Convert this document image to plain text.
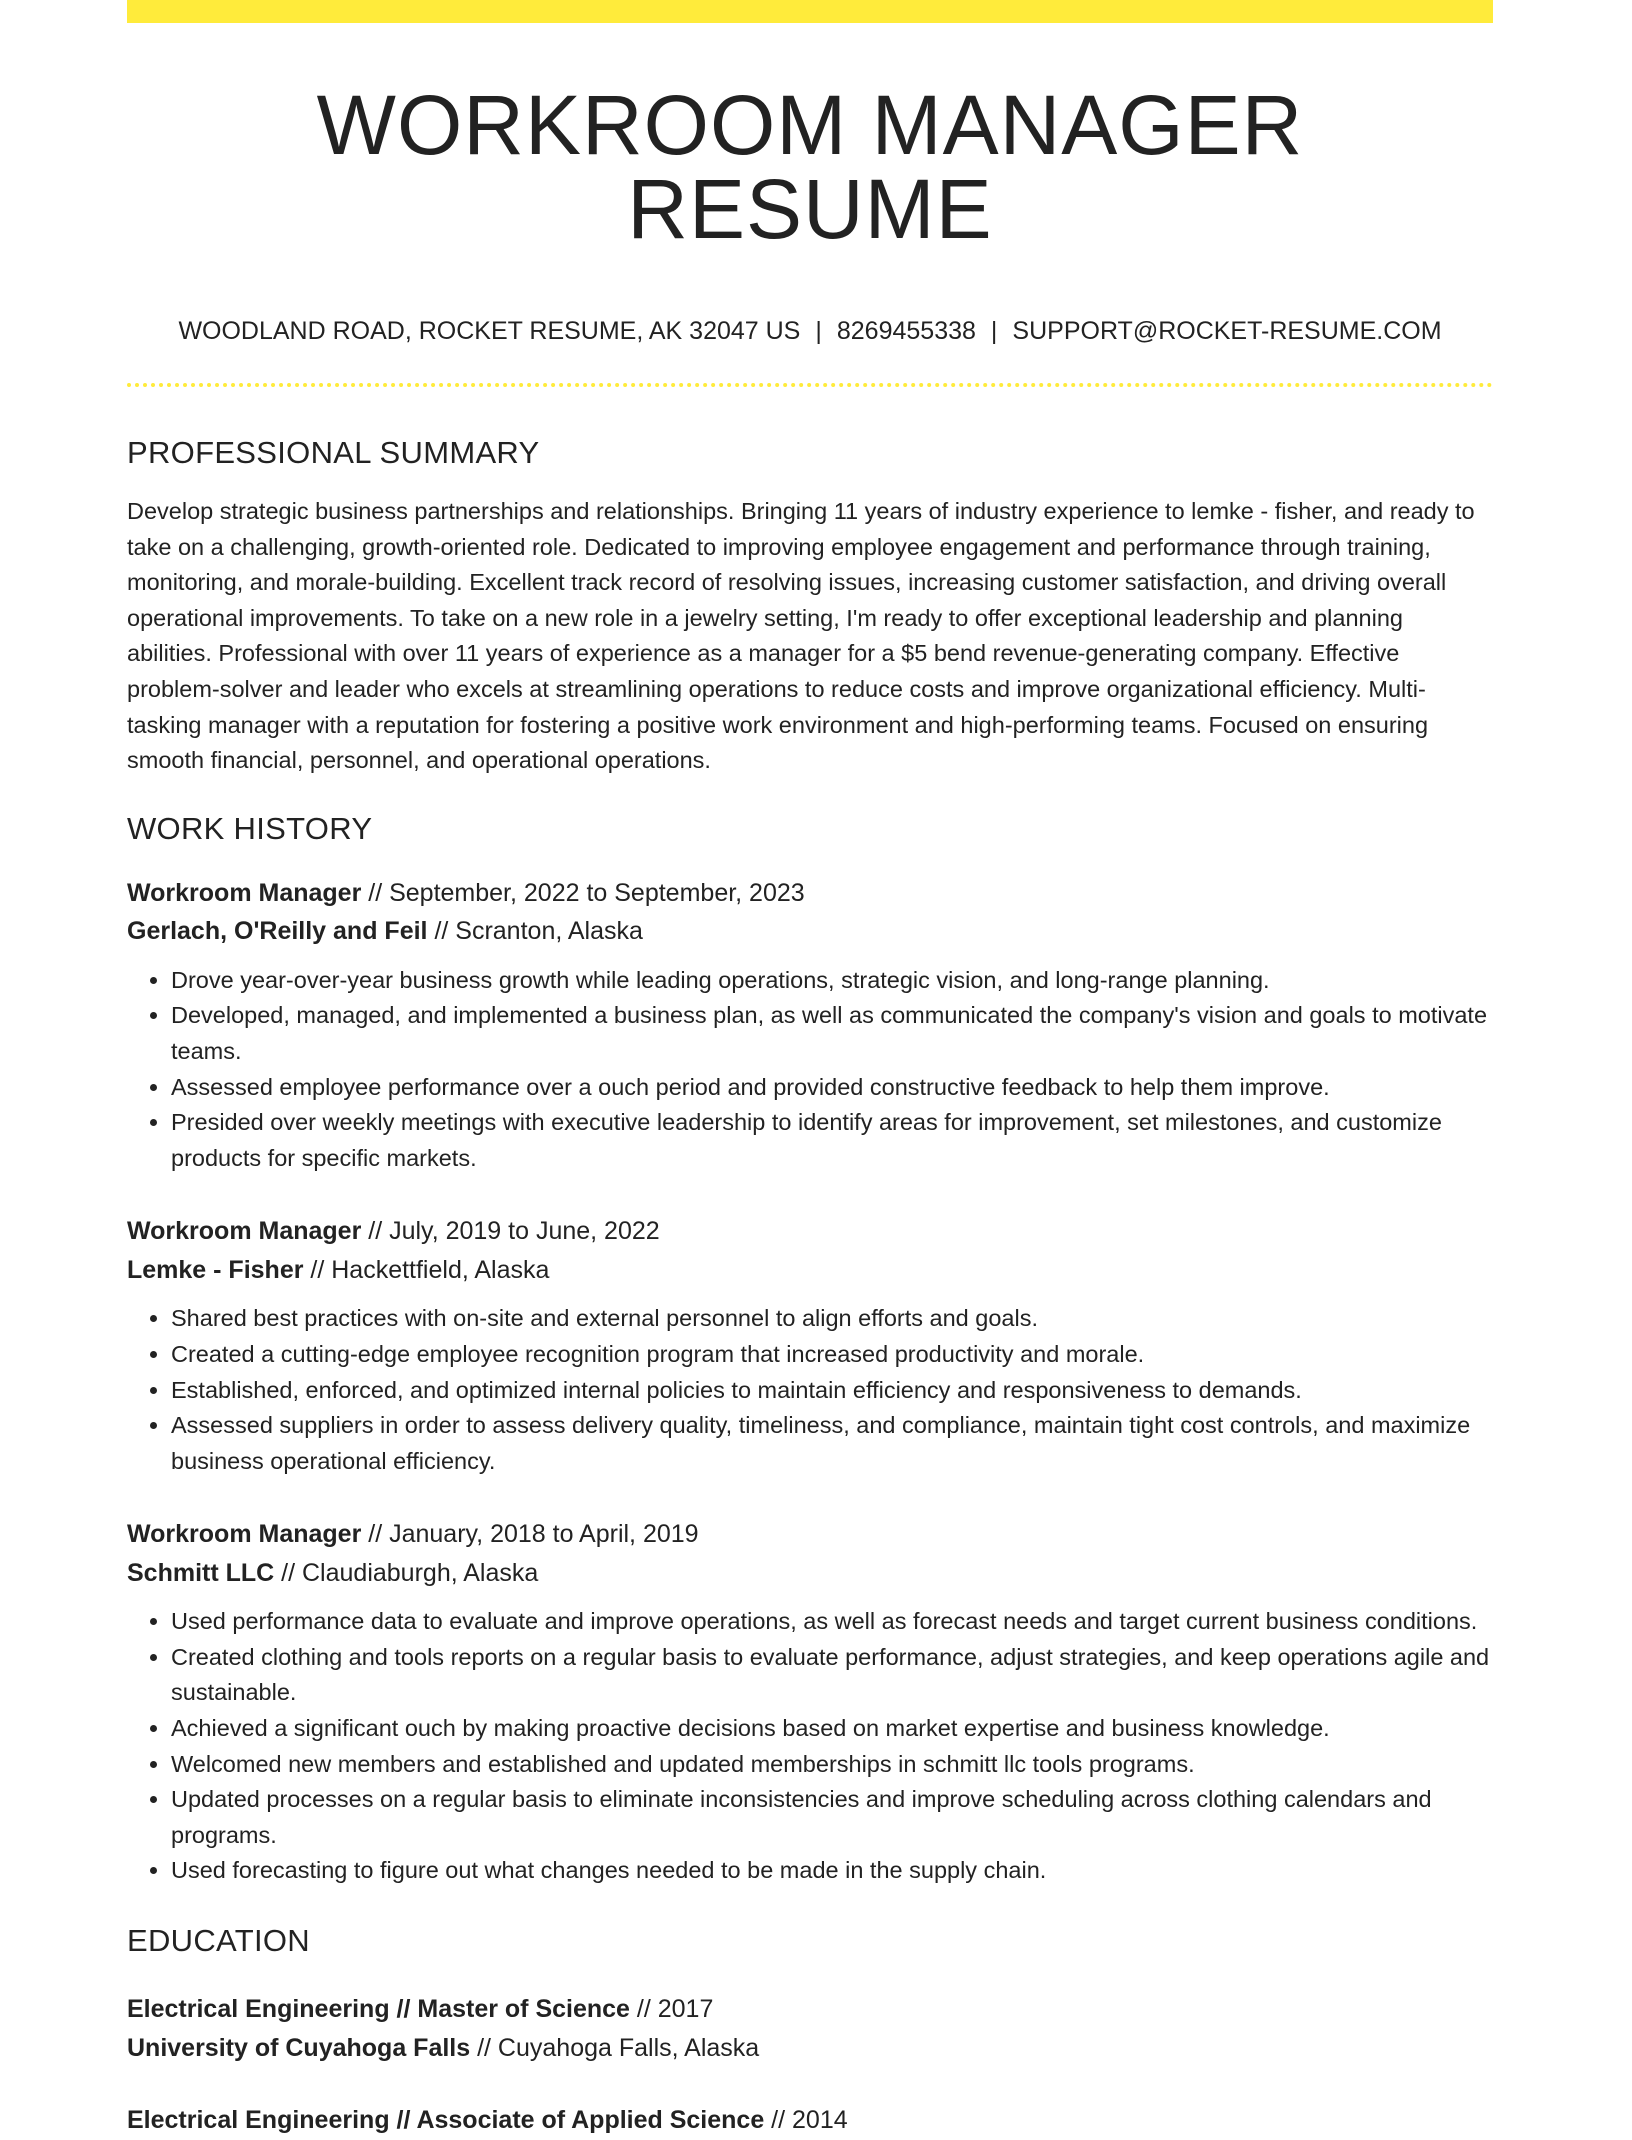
WORKROOM MANAGER RESUME
WOODLAND ROAD, ROCKET RESUME, AK 32047 US | 8269455338 | SUPPORT@ROCKET-RESUME.COM
PROFESSIONAL SUMMARY

Develop strategic business partnerships and relationships. Bringing 11 years of industry experience to lemke - fisher, and ready to take on a challenging, growth-oriented role. Dedicated to improving employee engagement and performance through training, monitoring, and morale-building. Excellent track record of resolving issues, increasing customer satisfaction, and driving overall operational improvements. To take on a new role in a jewelry setting, I'm ready to offer exceptional leadership and planning abilities. Professional with over 11 years of experience as a manager for a $5 bend revenue-generating company. Effective problem-solver and leader who excels at streamlining operations to reduce costs and improve organizational efficiency. Multi-tasking manager with a reputation for fostering a positive work environment and high-performing teams. Focused on ensuring smooth financial, personnel, and operational operations.

WORK HISTORY
Workroom Manager // September, 2022 to September, 2023
Gerlach, O'Reilly and Feil // Scranton, Alaska
• Drove year-over-year business growth while leading operations, strategic vision, and long-range planning.
• Developed, managed, and implemented a business plan, as well as communicated the company's vision and goals to motivate teams.
• Assessed employee performance over a ouch period and provided constructive feedback to help them improve.
• Presided over weekly meetings with executive leadership to identify areas for improvement, set milestones, and customize products for specific markets.
Workroom Manager // July, 2019 to June, 2022
Lemke - Fisher // Hackettfield, Alaska
• Shared best practices with on-site and external personnel to align efforts and goals.
• Created a cutting-edge employee recognition program that increased productivity and morale.
• Established, enforced, and optimized internal policies to maintain efficiency and responsiveness to demands.
• Assessed suppliers in order to assess delivery quality, timeliness, and compliance, maintain tight cost controls, and maximize business operational efficiency.
Workroom Manager // January, 2018 to April, 2019
Schmitt LLC // Claudiaburgh, Alaska
• Used performance data to evaluate and improve operations, as well as forecast needs and target current business conditions.
• Created clothing and tools reports on a regular basis to evaluate performance, adjust strategies, and keep operations agile and sustainable.
• Achieved a significant ouch by making proactive decisions based on market expertise and business knowledge.
• Welcomed new members and established and updated memberships in schmitt llc tools programs.
• Updated processes on a regular basis to eliminate inconsistencies and improve scheduling across clothing calendars and programs.
• Used forecasting to figure out what changes needed to be made in the supply chain.
EDUCATION
Electrical Engineering // Master of Science // 2017
University of Cuyahoga Falls // Cuyahoga Falls, Alaska
Electrical Engineering // Associate of Applied Science // 2014
